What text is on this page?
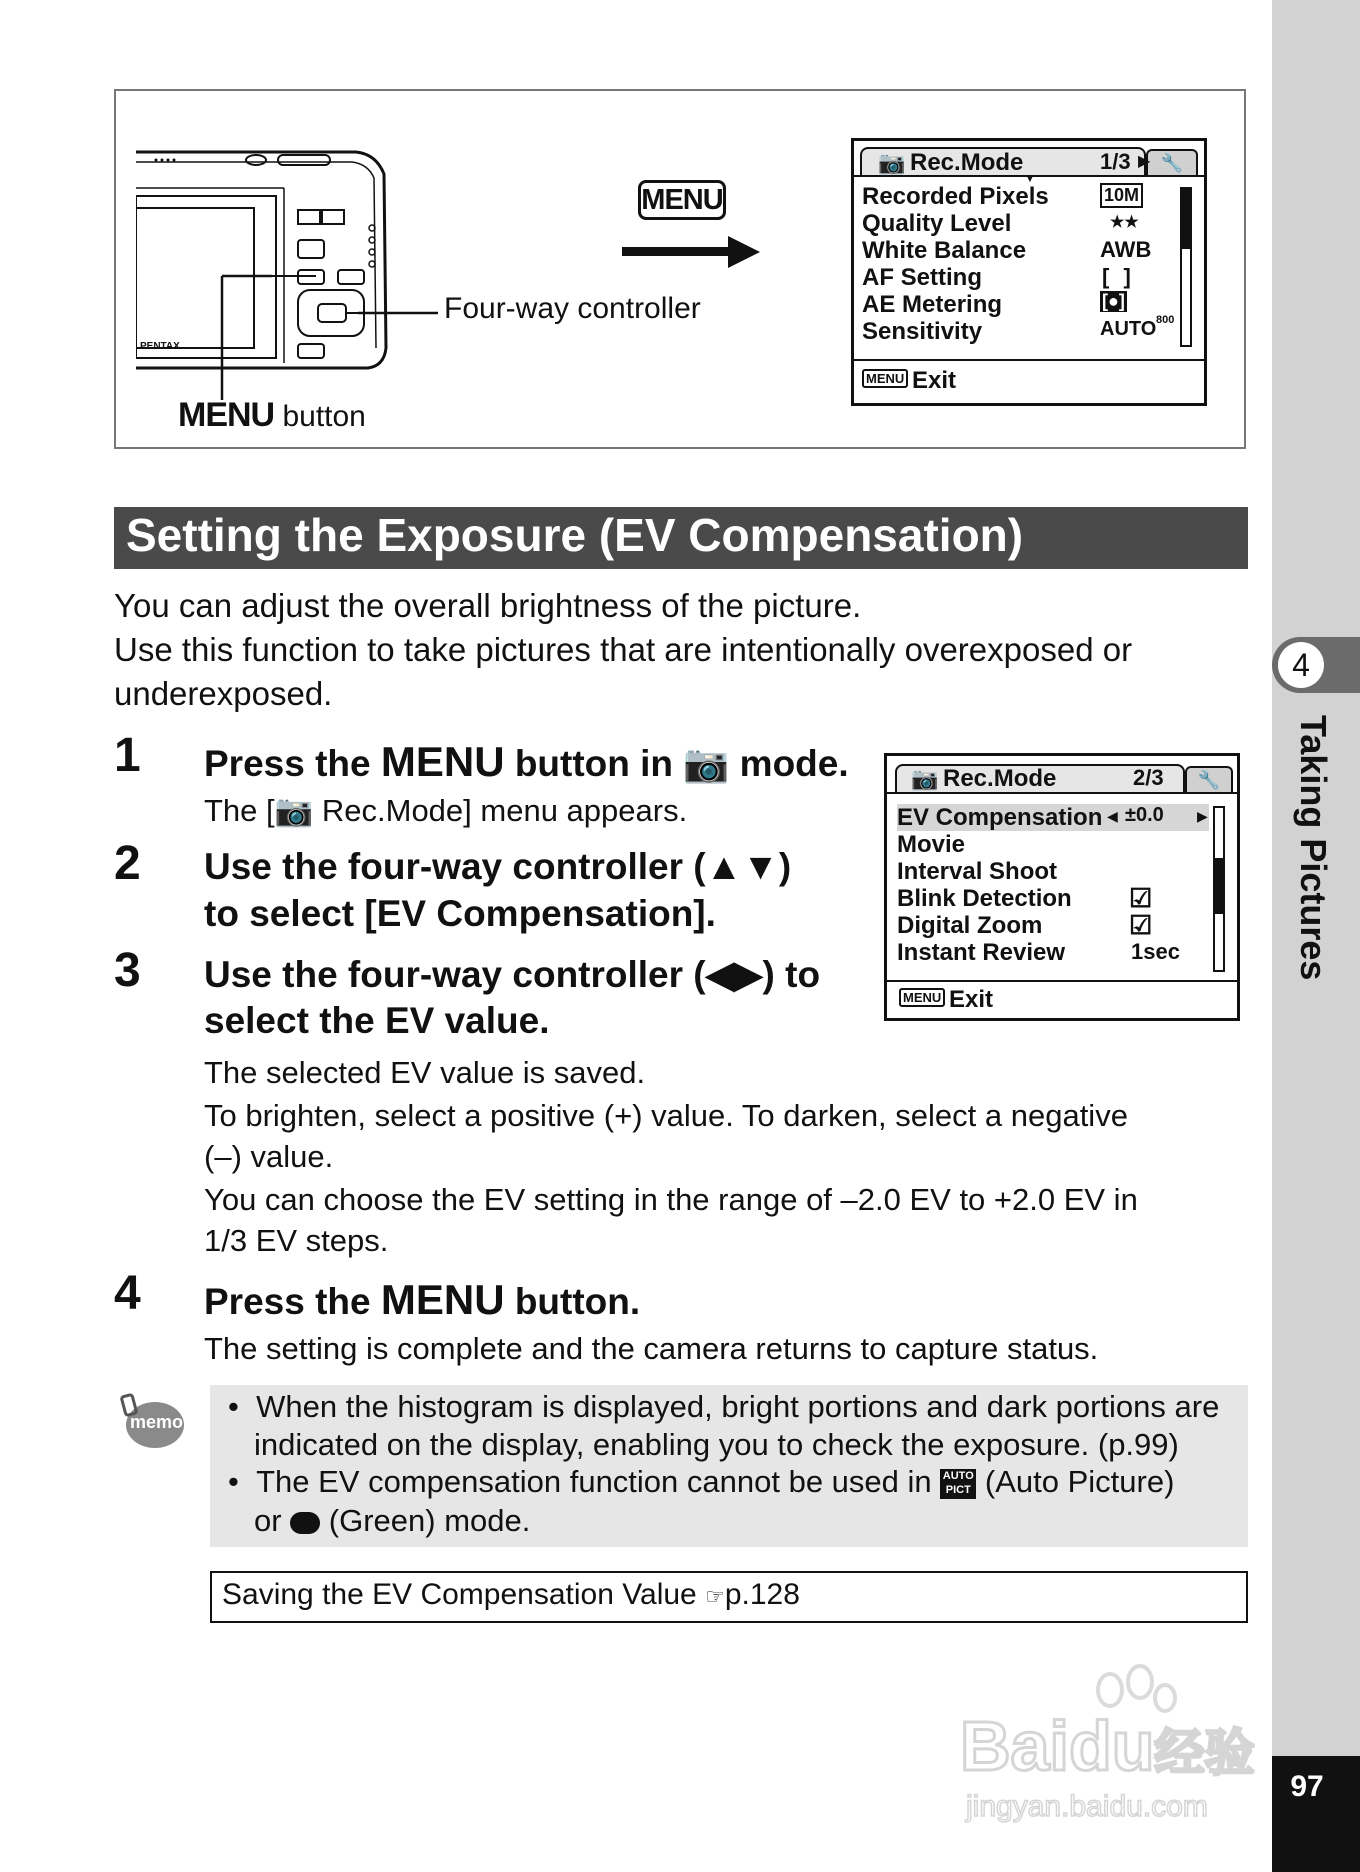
4
Taking Pictures
97
PENTAX
Four-way controller
MENU button
MENU
🔧
📷 Rec.Mode	1/3 ▶
▼
Recorded Pixels	10M
Quality Level	★★
White Balance	AWB
AF Setting	[ ]
AE Metering	[●]
Sensitivity	AUTO 800
MENU Exit
Setting the Exposure (EV Compensation)
You can adjust the overall brightness of the picture.
Use this function to take pictures that are intentionally overexposed or
underexposed.
1 Press the MENU button in 📷 mode.
The [📷 Rec.Mode] menu appears.
🔧
📷 Rec.Mode	2/3
EV Compensation ◀ ±0.0 ▶
Movie
Interval Shoot
Blink Detection ☑
Digital Zoom	☑
Instant Review	1sec
MENU Exit
2 Use the four-way controller (▲▼)
to select [EV Compensation].
3 Use the four-way controller (◀▶) to
select the EV value.
The selected EV value is saved.
To brighten, select a positive (+) value. To darken, select a negative
(–) value.
You can choose the EV setting in the range of –2.0 EV to +2.0 EV in
1/3 EV steps.
4 Press the MENU button.
The setting is complete and the camera returns to capture status.
memo •  When the histogram is displayed, bright portions and dark portions are
indicated on the display, enabling you to check the exposure. (p.99)
•  The EV compensation function cannot be used in AUTO
PICT (Auto Picture)
or  (Green) mode.
Saving the EV Compensation Value ☞p.128
Baidu经验
jingyan.baidu.com
